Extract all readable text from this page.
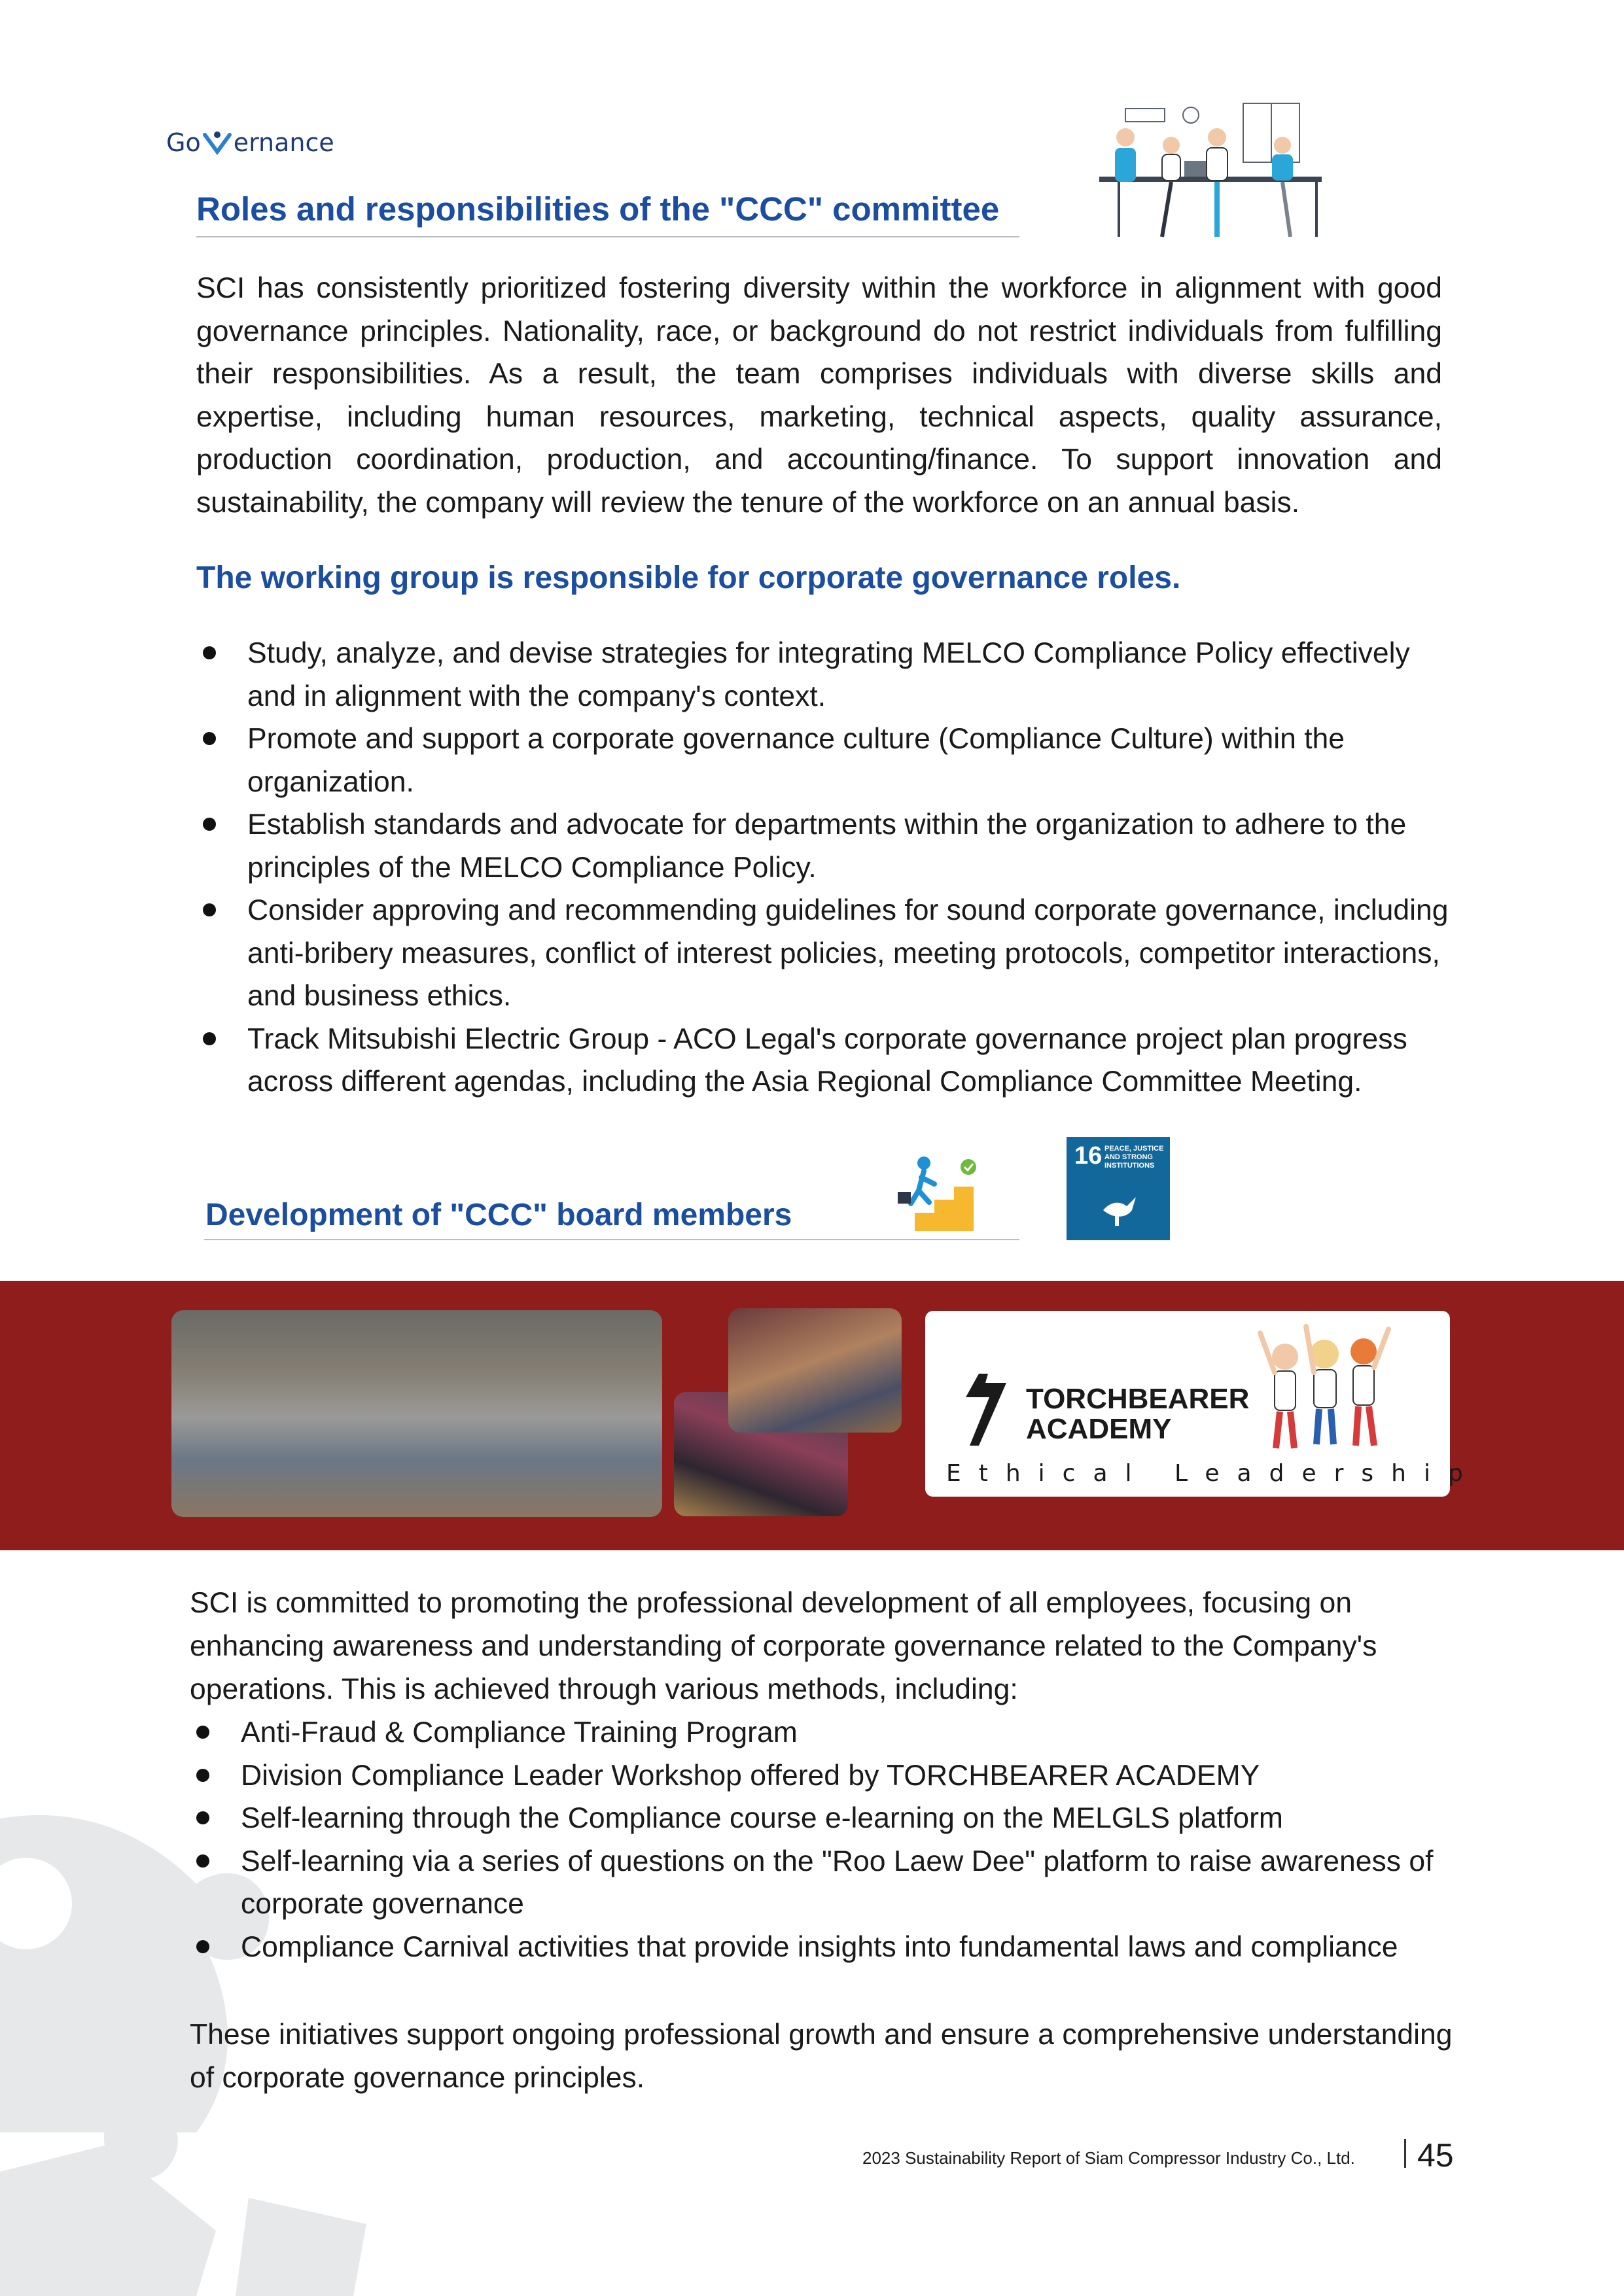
Go ernance
Roles and responsibilities of the "CCC" committee
SCI has consistently prioritized fostering diversity within the workforce in alignment with good governance principles. Nationality, race, or background do not restrict individuals from fulfilling their responsibilities. As a result, the team comprises individuals with diverse skills and expertise, including human resources, marketing, technical aspects, quality assurance, production coordination, production, and accounting/finance. To support innovation and sustainability, the company will review the tenure of the workforce on an annual basis.
The working group is responsible for corporate governance roles.
Study, analyze, and devise strategies for integrating MELCO Compliance Policy effectively and in alignment with the company's context.
Promote and support a corporate governance culture (Compliance Culture) within the organization.
Establish standards and advocate for departments within the organization to adhere to the principles of the MELCO Compliance Policy.
Consider approving and recommending guidelines for sound corporate governance, including anti-bribery measures, conflict of interest policies, meeting protocols, competitor interactions, and business ethics.
Track Mitsubishi Electric Group - ACO Legal's corporate governance project plan progress across different agendas, including the Asia Regional Compliance Committee Meeting.
Development of "CCC" board members
16 PEACE, JUSTICE AND STRONG INSTITUTIONS
TORCHBEARER
ACADEMY
Ethical Leadership
SCI is committed to promoting the professional development of all employees, focusing on enhancing awareness and understanding of corporate governance related to the Company's operations. This is achieved through various methods, including:
Anti-Fraud & Compliance Training Program
Division Compliance Leader Workshop offered by TORCHBEARER ACADEMY
Self-learning through the Compliance course e-learning on the MELGLS platform
Self-learning via a series of questions on the "Roo Laew Dee" platform to raise awareness of corporate governance
Compliance Carnival activities that provide insights into fundamental laws and compliance
These initiatives support ongoing professional growth and ensure a comprehensive understanding of corporate governance principles.
2023 Sustainability Report of Siam Compressor Industry Co., Ltd. 45
